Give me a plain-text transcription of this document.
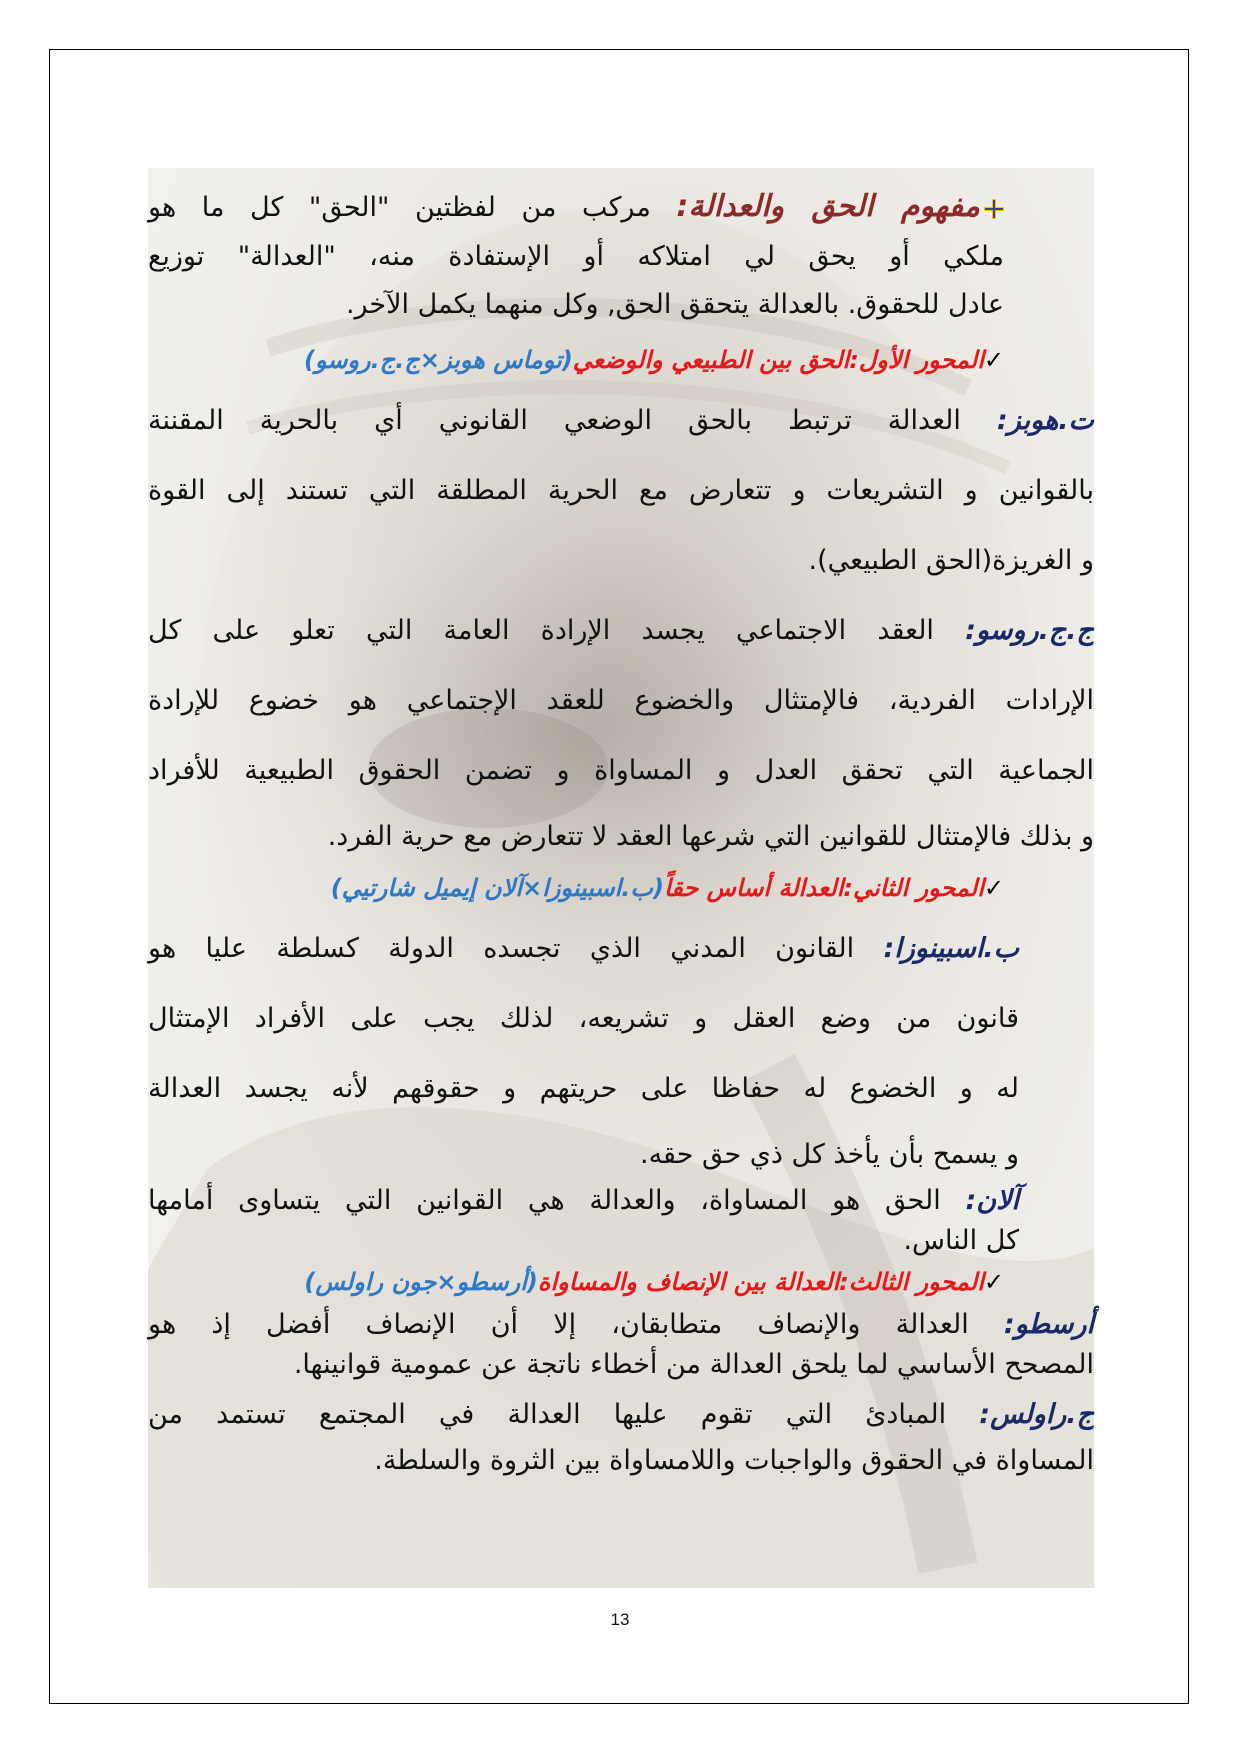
مفهوم الحق والعدالة: مركب من لفظتين "الحق" كل ما هو

ملكي أو يحق لي امتلاكه أو الإستفادة منه، "العدالة" توزيع

عادل للحقوق. بالعدالة يتحقق الحق, وكل منهما يكمل الآخر.

✓المحور الأول:الحق بين الطبيعي والوضعي(توماس هوبز×ج.ج.روسو)

ت.هوبز: العدالة ترتبط بالحق الوضعي القانوني أي بالحرية المقننة

بالقوانين و التشريعات و تتعارض مع الحرية المطلقة التي تستند إلى القوة

و الغريزة(الحق الطبيعي).

ج.ج.روسو: العقد الاجتماعي يجسد الإرادة العامة التي تعلو على كل

الإرادات الفردية، فالإمتثال والخضوع للعقد الإجتماعي هو خضوع للإرادة

الجماعية التي تحقق العدل و المساواة و تضمن الحقوق الطبيعية للأفراد

و بذلك فالإمتثال للقوانين التي شرعها العقد لا تتعارض مع حرية الفرد.

✓المحور الثاني:العدالة أساس حقاً(ب.اسبينوزا×آلان إيميل شارتيي)

ب.اسبينوزا: القانون المدني الذي تجسده الدولة كسلطة عليا هو

قانون من وضع العقل و تشريعه، لذلك يجب على الأفراد الإمتثال

له و الخضوع له حفاظا على حريتهم و حقوقهم لأنه يجسد العدالة

و يسمح بأن يأخذ كل ذي حق حقه.

آلان: الحق هو المساواة، والعدالة هي القوانين التي يتساوى أمامها

كل الناس.

✓المحور الثالث:العدالة بين الإنصاف والمساواة(أرسطو×جون راولس)

أرسطو: العدالة والإنصاف متطابقان، إلا أن الإنصاف أفضل إذ هو

المصحح الأساسي لما يلحق العدالة من أخطاء ناتجة عن عمومية قوانينها.

ج.راولس: المبادئ التي تقوم عليها العدالة في المجتمع تستمد من

المساواة في الحقوق والواجبات واللامساواة بين الثروة والسلطة.

13
